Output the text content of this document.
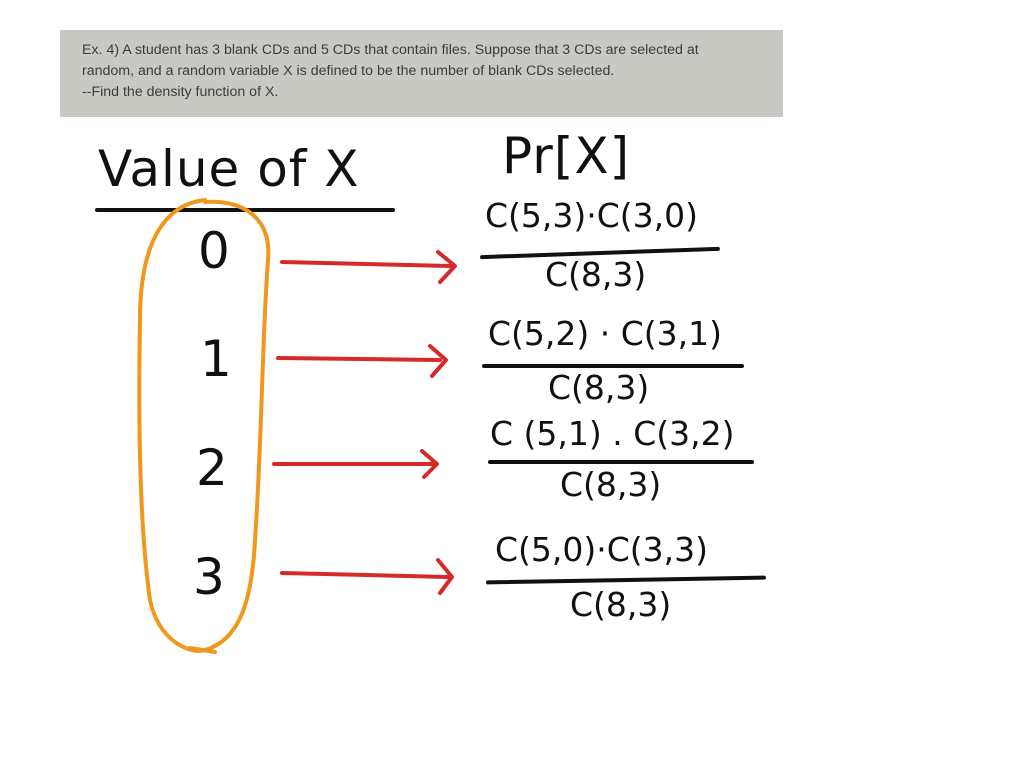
Ex. 4) A student has 3 blank CDs and 5 CDs that contain files. Suppose that 3 CDs are selected at
random, and a random variable X is defined to be the number of blank CDs selected.
--Find the density function of X.
Value of X	Pr[X]
0
1
2
3
C(5,3)·C(3,0)
C(8,3)
C(5,2) · C(3,1)
C(8,3)
C (5,1) . C(3,2)
C(8,3)
C(5,0)·C(3,3)
C(8,3)
